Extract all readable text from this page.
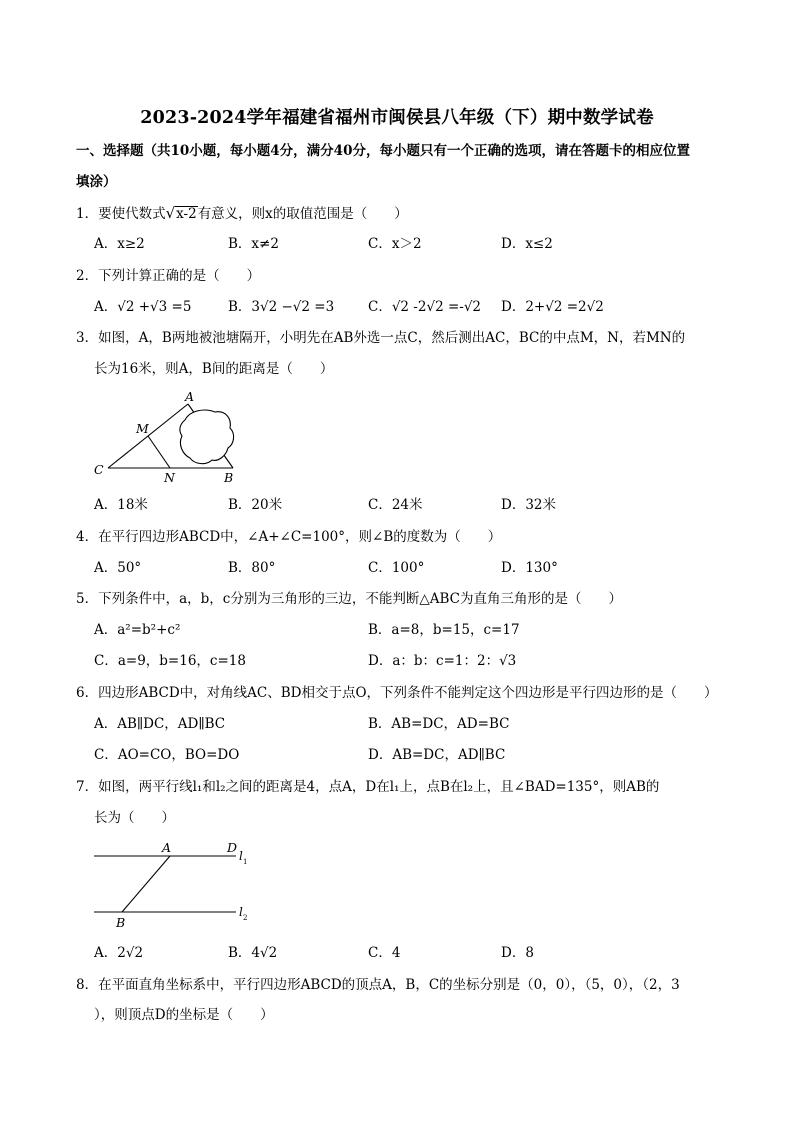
2023-2024学年福建省福州市闽侯县八年级（下）期中数学试卷
一、选择题（共10小题，每小题4分，满分40分，每小题只有一个正确的选项，请在答题卡的相应位置
填涂）
1．要使代数式√x-2有意义，则x的取值范围是（　　）
A．x≥2	B．x≠2	C．x＞2	D．x≤2
2．下列计算正确的是（　　）
A．√2 +√3 =5	B．3√2 −√2 =3	C．√2 -2√2 =-√2 D．2+√2 =2√2
3．如图，A，B两地被池塘隔开，小明先在AB外选一点C，然后测出AC，BC的中点M，N，若MN的
长为16米，则A，B间的距离是（　　）
A
M
C
N	B
A．18米	B．20米	C．24米	D．32米
4．在平行四边形ABCD中，∠A+∠C=100°，则∠B的度数为（　　）
A．50°	B．80°	C．100°	D．130°
5．下列条件中，a，b，c分别为三角形的三边，不能判断△ABC为直角三角形的是（　　）
A．a²=b²+c²	B．a=8，b=15，c=17
C．a=9，b=16，c=18	D．a：b：c=1：2：√3
6．四边形ABCD中，对角线AC、BD相交于点O，下列条件不能判定这个四边形是平行四边形的是（　　）
A．AB∥DC，AD∥BC	B．AB=DC，AD=BC
C．AO=CO，BO=DO	D．AB=DC，AD∥BC
7．如图，两平行线l₁和l₂之间的距离是4，点A，D在l₁上，点B在l₂上，且∠BAD=135°，则AB的
长为（　　）
A	D
l 1
B
l 2
A．2√2	B．4√2	C．4	D．8
8．在平面直角坐标系中，平行四边形ABCD的顶点A，B，C的坐标分别是（0，0），（5，0），（2，3
），则顶点D的坐标是（　　）
